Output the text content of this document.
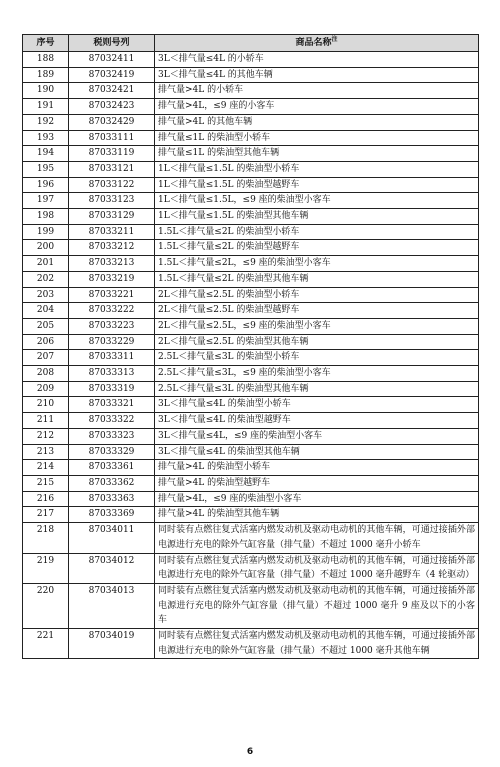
序号	税则号列	商品名称$^注$
188	87032411	3L＜排气量≤4L 的小轿车
189	87032419	3L＜排气量≤4L 的其他车辆
190	87032421	排气量>4L 的小轿车
191	87032423	排气量>4L，≤9 座的小客车
192	87032429	排气量>4L 的其他车辆
193	87033111	排气量≤1L 的柴油型小轿车
194	87033119	排气量≤1L 的柴油型其他车辆
195	87033121	1L＜排气量≤1.5L 的柴油型小轿车
196	87033122	1L＜排气量≤1.5L 的柴油型越野车
197	87033123	1L＜排气量≤1.5L，≤9 座的柴油型小客车
198	87033129	1L＜排气量≤1.5L 的柴油型其他车辆
199	87033211	1.5L＜排气量≤2L 的柴油型小轿车
200	87033212	1.5L＜排气量≤2L 的柴油型越野车
201	87033213	1.5L＜排气量≤2L，≤9 座的柴油型小客车
202	87033219	1.5L＜排气量≤2L 的柴油型其他车辆
203	87033221	2L＜排气量≤2.5L 的柴油型小轿车
204	87033222	2L＜排气量≤2.5L 的柴油型越野车
205	87033223	2L＜排气量≤2.5L，≤9 座的柴油型小客车
206	87033229	2L＜排气量≤2.5L 的柴油型其他车辆
207	87033311	2.5L＜排气量≤3L 的柴油型小轿车
208	87033313	2.5L＜排气量≤3L，≤9 座的柴油型小客车
209	87033319	2.5L＜排气量≤3L 的柴油型其他车辆
210	87033321	3L＜排气量≤4L 的柴油型小轿车
211	87033322	3L＜排气量≤4L 的柴油型越野车
212	87033323	3L＜排气量≤4L，≤9 座的柴油型小客车
213	87033329	3L＜排气量≤4L 的柴油型其他车辆
214	87033361	排气量>4L 的柴油型小轿车
215	87033362	排气量>4L 的柴油型越野车
216	87033363	排气量>4L，≤9 座的柴油型小客车
217	87033369	排气量>4L 的柴油型其他车辆
218	87034011	同时装有点燃往复式活塞内燃发动机及驱动电动机的其他车辆，可通过接插外部电源进行充电的除外气缸容量（排气量）不超过 1000 毫升小轿车
219	87034012	同时装有点燃往复式活塞内燃发动机及驱动电动机的其他车辆，可通过接插外部电源进行充电的除外气缸容量（排气量）不超过 1000 毫升越野车（4 轮驱动）
220	87034013	同时装有点燃往复式活塞内燃发动机及驱动电动机的其他车辆，可通过接插外部电源进行充电的除外气缸容量（排气量）不超过 1000 毫升 9 座及以下的小客车
221	87034019	同时装有点燃往复式活塞内燃发动机及驱动电动机的其他车辆，可通过接插外部电源进行充电的除外气缸容量（排气量）不超过 1000 毫升其他车辆
6
